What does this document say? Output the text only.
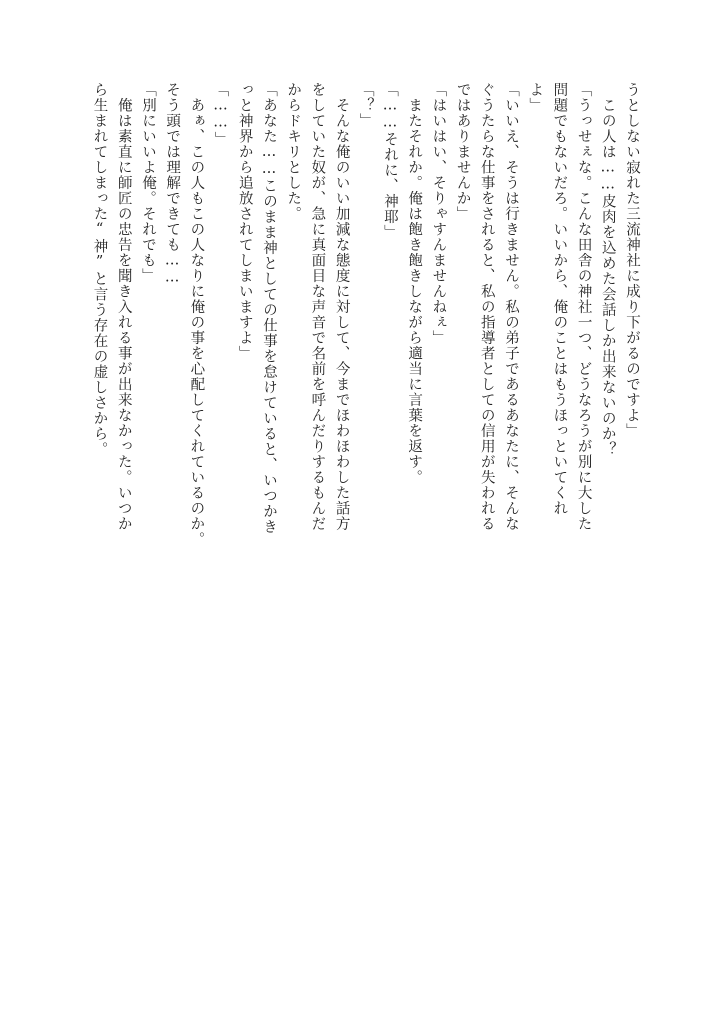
うとしない寂れた三流神社に成り下がるのですよ」
　この人は……皮肉を込めた会話しか出来ないのか？
「うっせぇな。こんな田舎の神社一つ、どうなろうが別に大した
問題でもないだろ。いいから、俺のことはもうほっといてくれ
よ」
「いいえ、そうは行きません。私の弟子であるあなたに、そんな
ぐうたらな仕事をされると、私の指導者としての信用が失われる
ではありませんか」
「はいはい、そりゃすんませんねぇ」
　またそれか。俺は飽き飽きしながら適当に言葉を返す。
「……それに、神耶」
「？」
　そんな俺のいい加減な態度に対して、今までほわほわした話方
をしていた奴が、急に真面目な声音で名前を呼んだりするもんだ
からドキリとした。
「あなた……このまま神としての仕事を怠けていると、いつかき
っと神界から追放されてしまいますよ」
「……」
　あぁ、この人もこの人なりに俺の事を心配してくれているのか。
そう頭では理解できても……
「別にいいよ俺。それでも」
　俺は素直に師匠の忠告を聞き入れる事が出来なかった。いつか
ら生まれてしまった“神”と言う存在の虚しさから。
